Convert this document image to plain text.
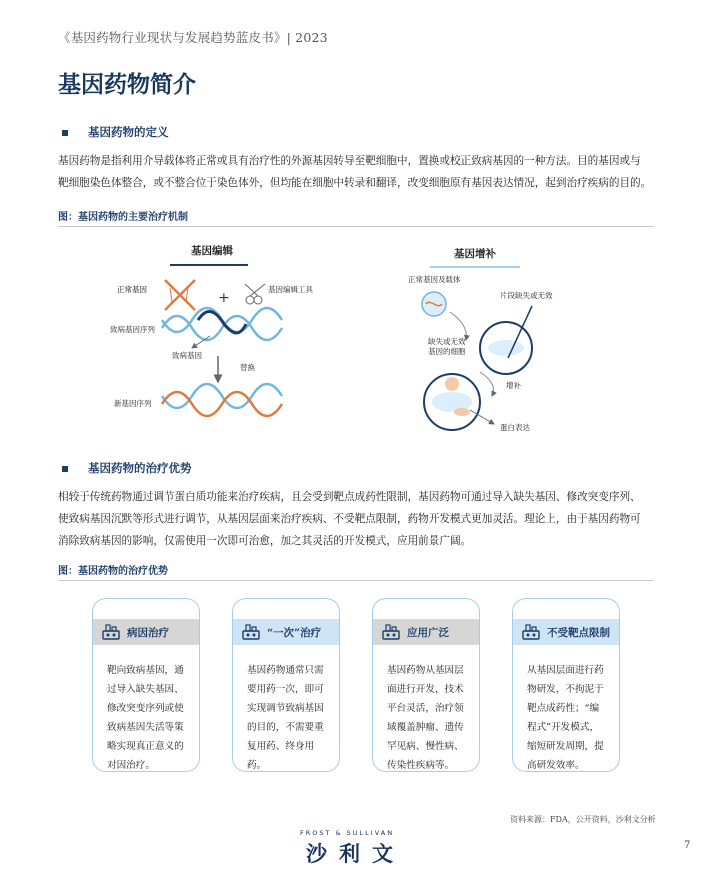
《基因药物行业现状与发展趋势蓝皮书》| 2023
基因药物简介
基因药物的定义
基因药物是指利用介导载体将正常或具有治疗性的外源基因转导至靶细胞中，置换或校正致病基因的一种方法。目的基因或与
靶细胞染色体整合，或不整合位于染色体外，但均能在细胞中转录和翻译，改变细胞原有基因表达情况，起到治疗疾病的目的。
图：基因药物的主要治疗机制
基因编辑
正常基因
+
基因编辑工具
致病基因序列
致病基因
替换
新基因序列
基因增补
正常基因及载体
片段缺失或无效
缺失或无效
基因的细胞
增补
蛋白表达
基因药物的治疗优势
相较于传统药物通过调节蛋白质功能来治疗疾病，且会受到靶点成药性限制，基因药物可通过导入缺失基因、修改突变序列、
使致病基因沉默等形式进行调节，从基因层面来治疗疾病、不受靶点限制，药物开发模式更加灵活。理论上，由于基因药物可
消除致病基因的影响，仅需使用一次即可治愈，加之其灵活的开发模式，应用前景广阔。
图：基因药物的治疗优势
病因治疗
靶向致病基因，通
过导入缺失基因、
修改突变序列或使
致病基因失活等策
略实现真正意义的
对因治疗。
“一次”治疗
基因药物通常只需
要用药一次，即可
实现调节致病基因
的目的，不需要重
复用药、终身用药。
应用广泛
基因药物从基因层
面进行开发，技术
平台灵活，治疗领
域覆盖肿瘤、遗传
罕见病、慢性病、
传染性疾病等。
不受靶点限制
从基因层面进行药
物研发，不拘泥于
靶点成药性；“编
程式”开发模式，
缩短研发周期，提
高研发效率。
资料来源：FDA，公开资料，沙利文分析
FROST & SULLIVAN
沙利文	7
